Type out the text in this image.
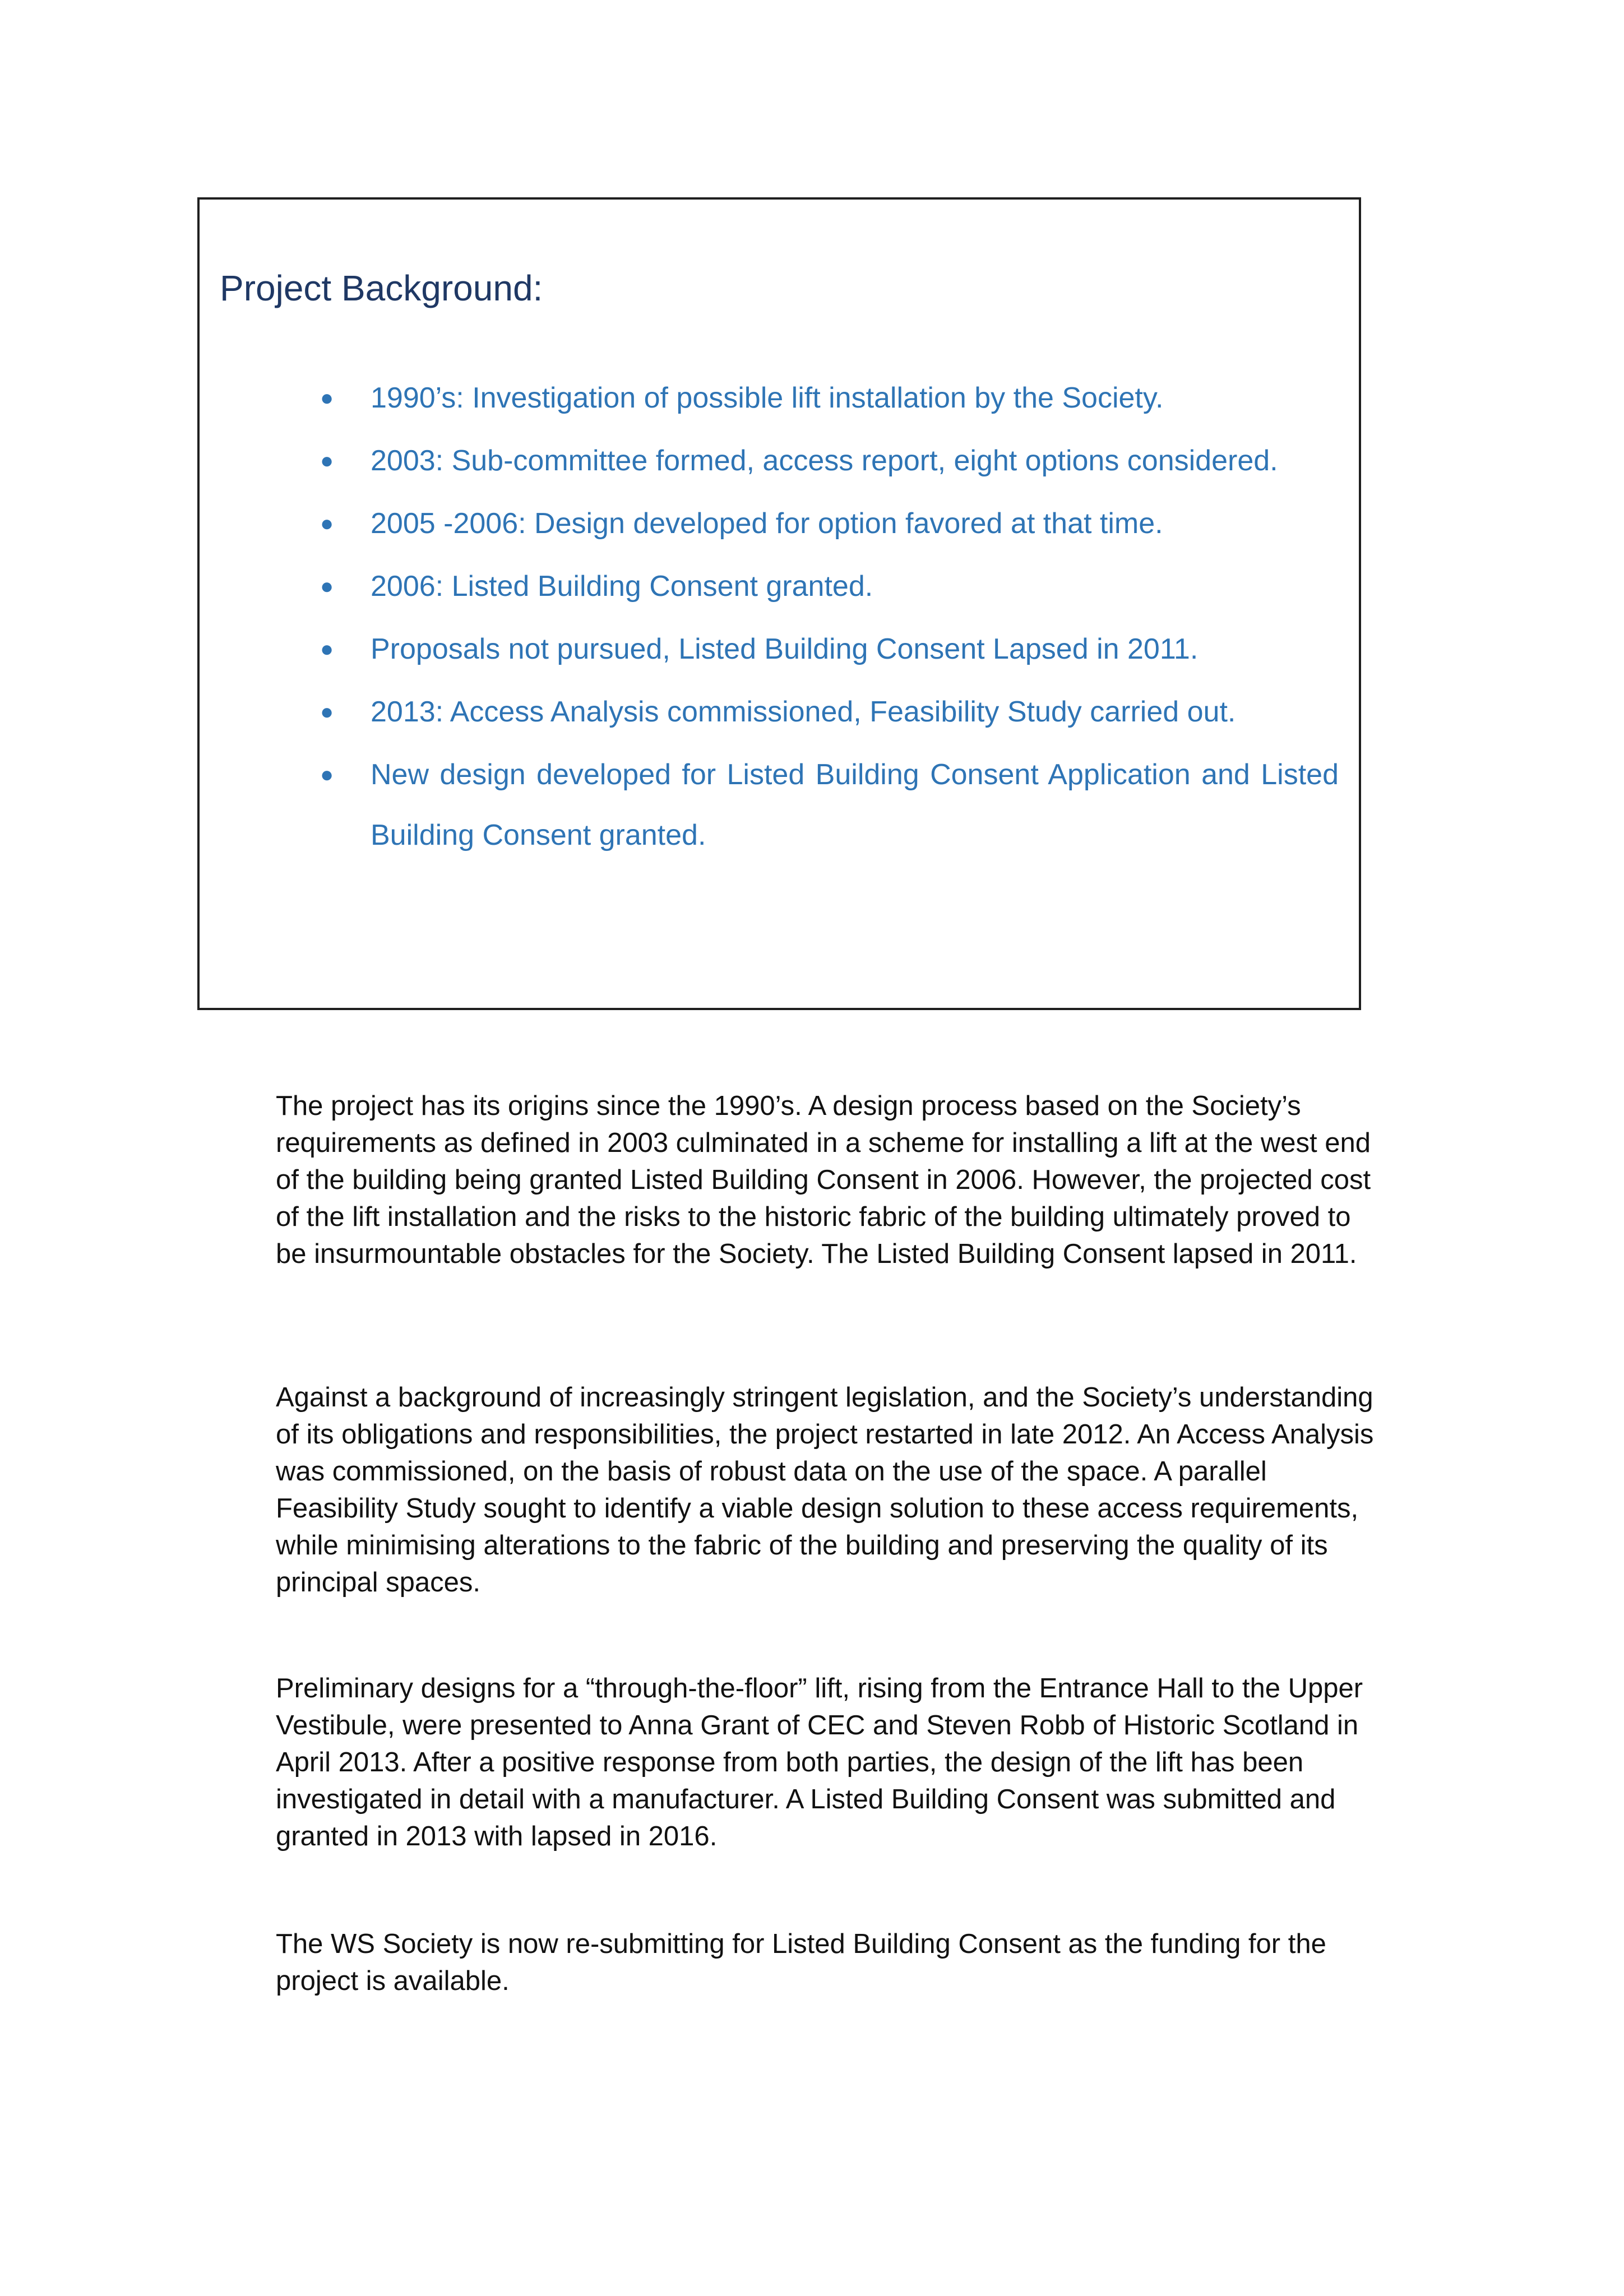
Project Background:
● 1990’s: Investigation of possible lift installation by the Society.
● 2003: Sub-committee formed, access report, eight options considered.
● 2005 -2006: Design developed for option favored at that time.
● 2006: Listed Building Consent granted.
● Proposals not pursued, Listed Building Consent Lapsed in 2011.
● 2013: Access Analysis commissioned, Feasibility Study carried out.
● New design developed for Listed Building Consent Application and Listed Building Consent granted.

The project has its origins since the 1990’s. A design process based on the Society’s requirements as defined in 2003 culminated in a scheme for installing a lift at the west end of the building being granted Listed Building Consent in 2006. However, the projected cost of the lift installation and the risks to the historic fabric of the building ultimately proved to be insurmountable obstacles for the Society. The Listed Building Consent lapsed in 2011.

Against a background of increasingly stringent legislation, and the Society’s understanding of its obligations and responsibilities, the project restarted in late 2012. An Access Analysis was commissioned, on the basis of robust data on the use of the space. A parallel Feasibility Study sought to identify a viable design solution to these access requirements, while minimising alterations to the fabric of the building and preserving the quality of its principal spaces.

Preliminary designs for a “through-the-floor” lift, rising from the Entrance Hall to the Upper Vestibule, were presented to Anna Grant of CEC and Steven Robb of Historic Scotland in April 2013. After a positive response from both parties, the design of the lift has been investigated in detail with a manufacturer. A Listed Building Consent was submitted and granted in 2013 with lapsed in 2016.

The WS Society is now re-submitting for Listed Building Consent as the funding for the project is available.
